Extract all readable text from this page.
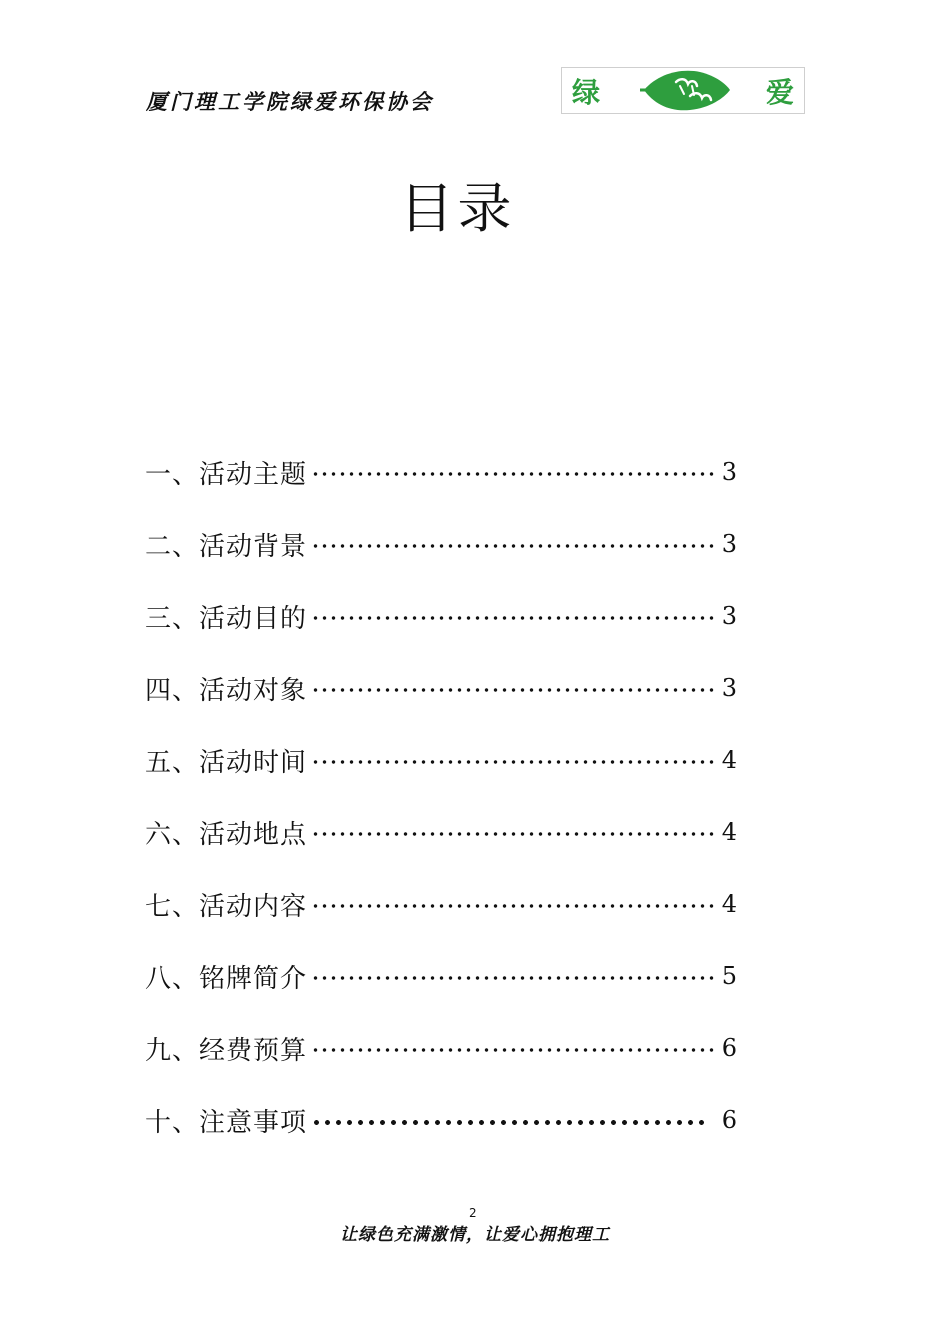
厦门理工学院绿爱环保协会	绿	爱
目录
一、活动主题	3
二、活动背景	3
三、活动目的	3
四、活动对象	3
五、活动时间	4
六、活动地点	4
七、活动内容	4
八、铭牌简介	5
九、经费预算	6
十、注意事项	6
2
让绿色充满激情，让爱心拥抱理工
